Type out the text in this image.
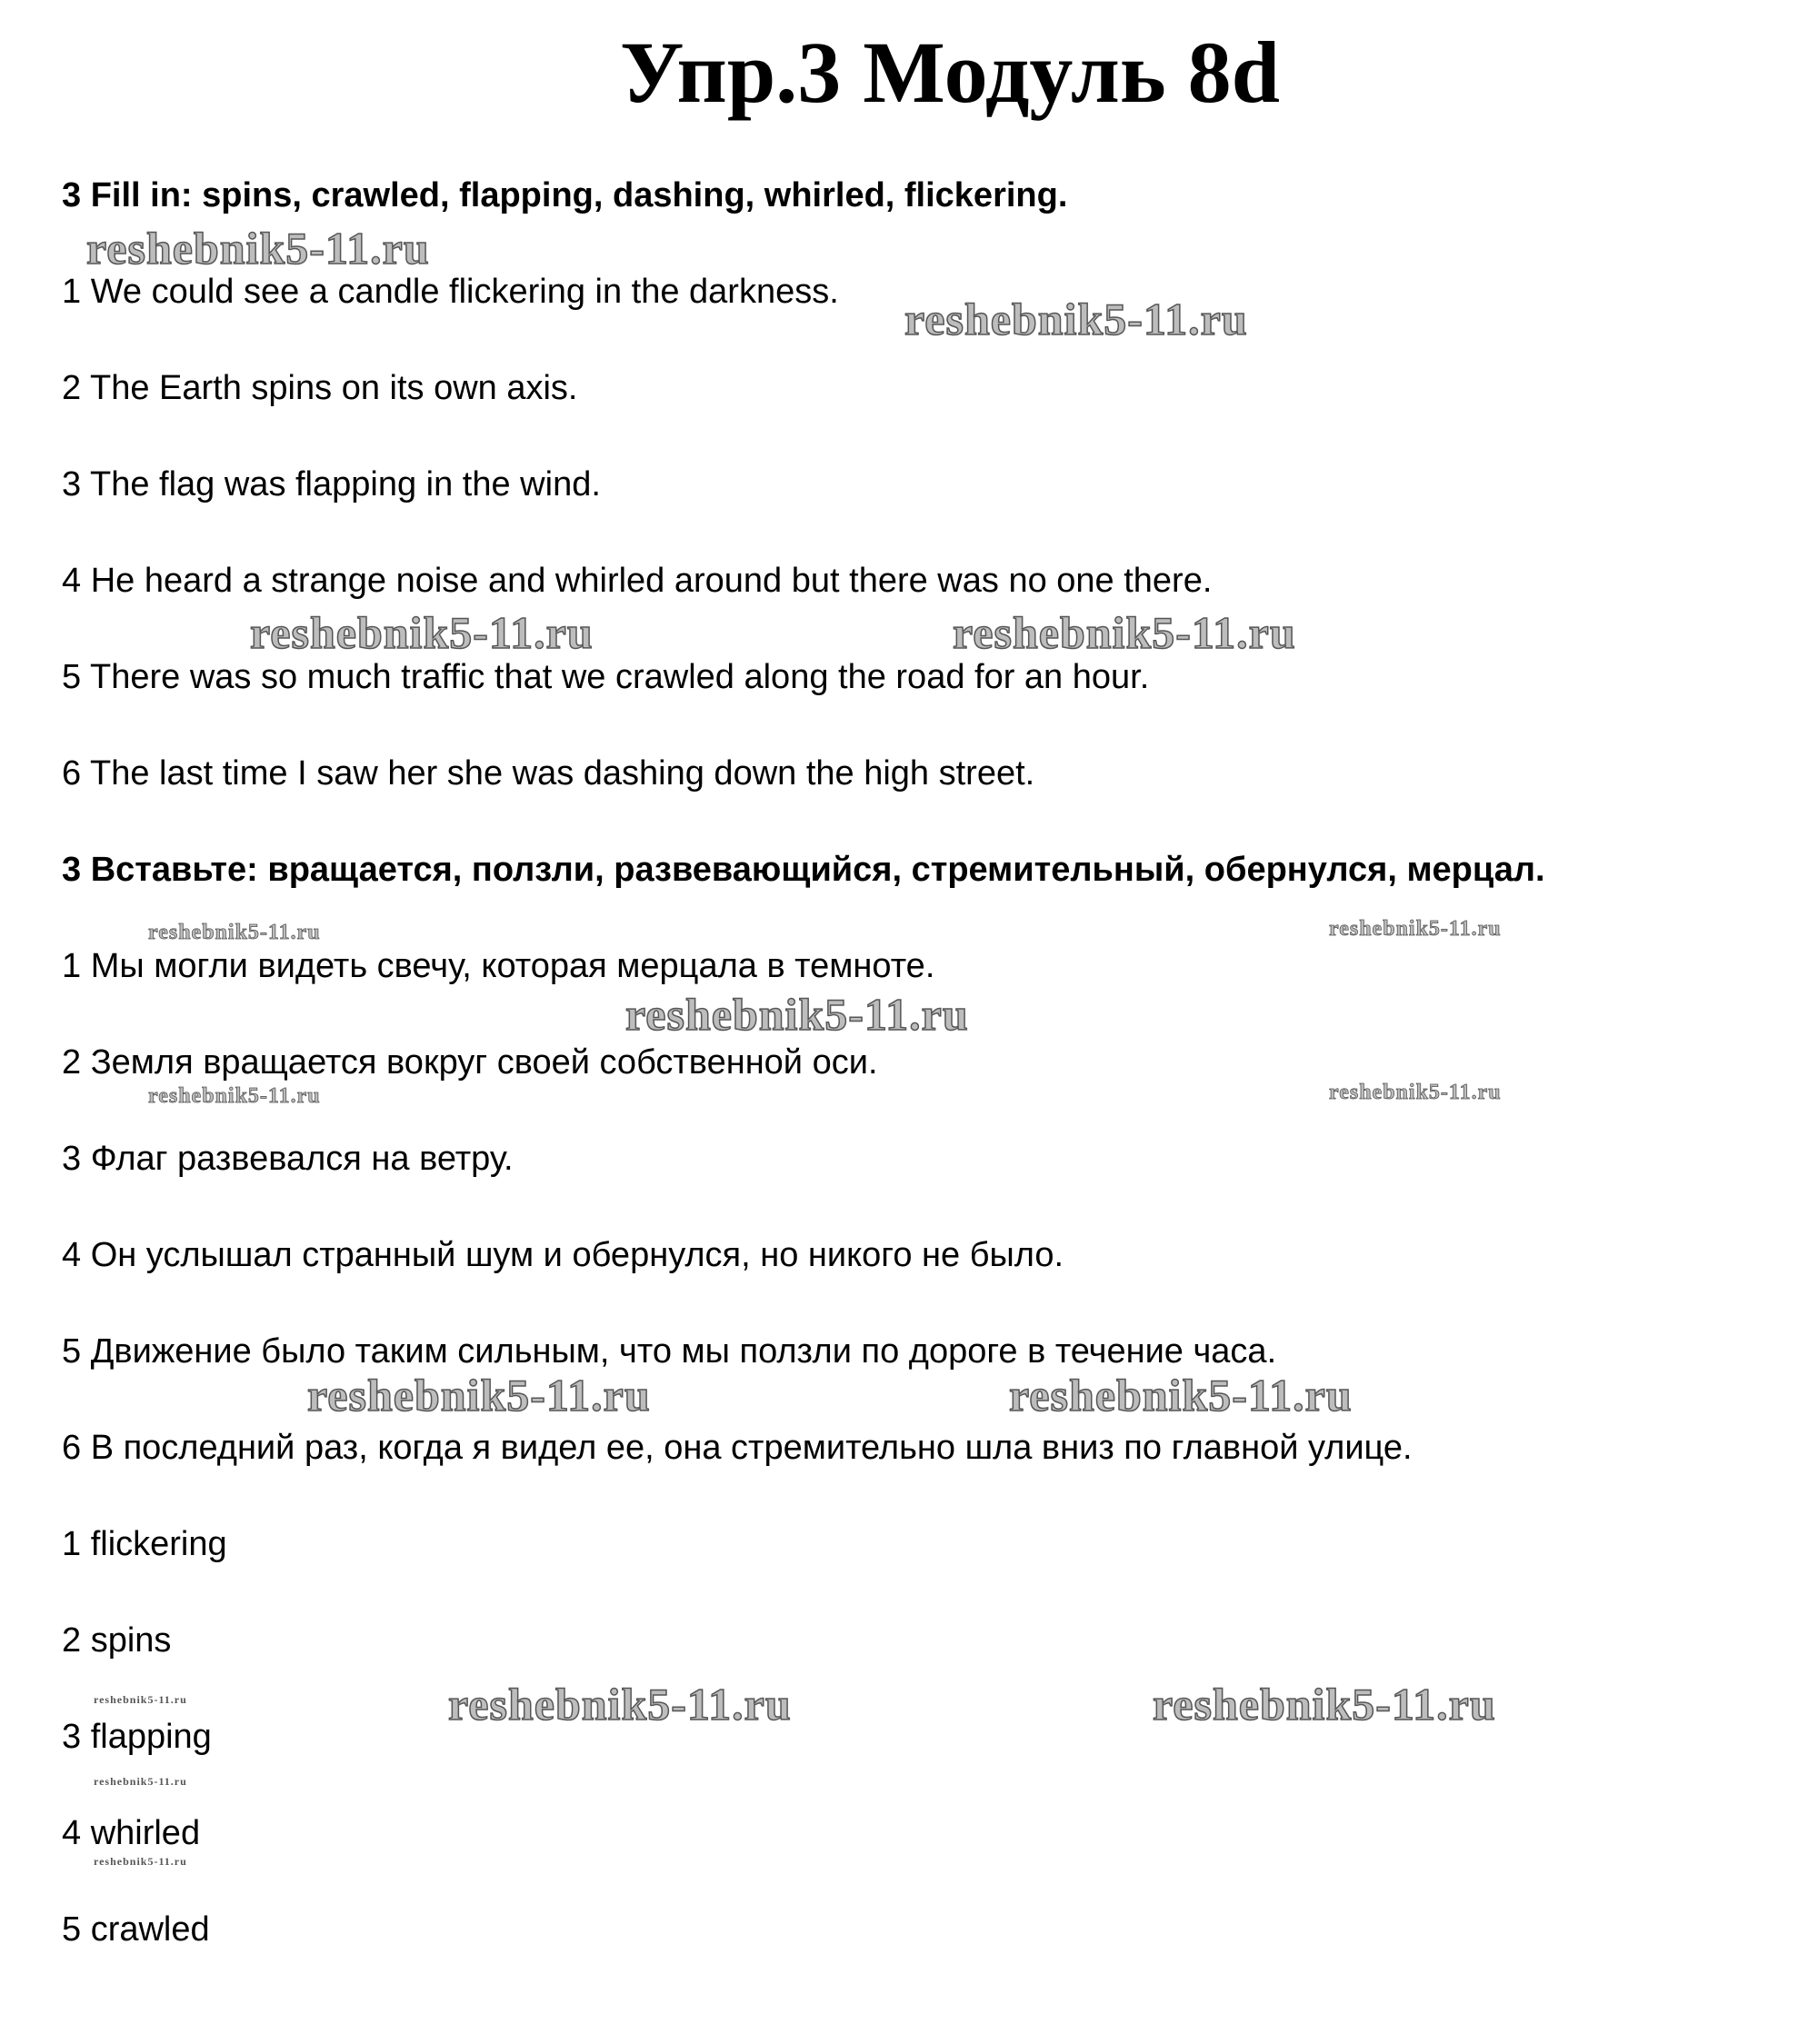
Упр.3 Модуль 8d
3 Fill in: spins, crawled, flapping, dashing, whirled, flickering.
1 We could see a candle flickering in the darkness.
2 The Earth spins on its own axis.
3 The flag was flapping in the wind.
4 He heard a strange noise and whirled around but there was no one there.
5 There was so much traffic that we crawled along the road for an hour.
6 The last time I saw her she was dashing down the high street.
3 Вставьте: вращается, ползли, развевающийся, стремительный, обернулся, мерцал.
1 Мы могли видеть свечу, которая мерцала в темноте.
2 Земля вращается вокруг своей собственной оси.
3 Флаг развевался на ветру.
4 Он услышал странный шум и обернулся, но никого не было.
5 Движение было таким сильным, что мы ползли по дороге в течение часа.
6 В последний раз, когда я видел ее, она стремительно шла вниз по главной улице.
1 flickering
2 spins
3 flapping
4 whirled
5 crawled
reshebnik5-11.ru
reshebnik5-11.ru
reshebnik5-11.ru	reshebnik5-11.ru
reshebnik5-11.ru	reshebnik5-11.ru
reshebnik5-11.ru
reshebnik5-11.ru	reshebnik5-11.ru
reshebnik5-11.ru	reshebnik5-11.ru
reshebnik5-11.ru	reshebnik5-11.ru
reshebnik5-11.ru
reshebnik5-11.ru
reshebnik5-11.ru
